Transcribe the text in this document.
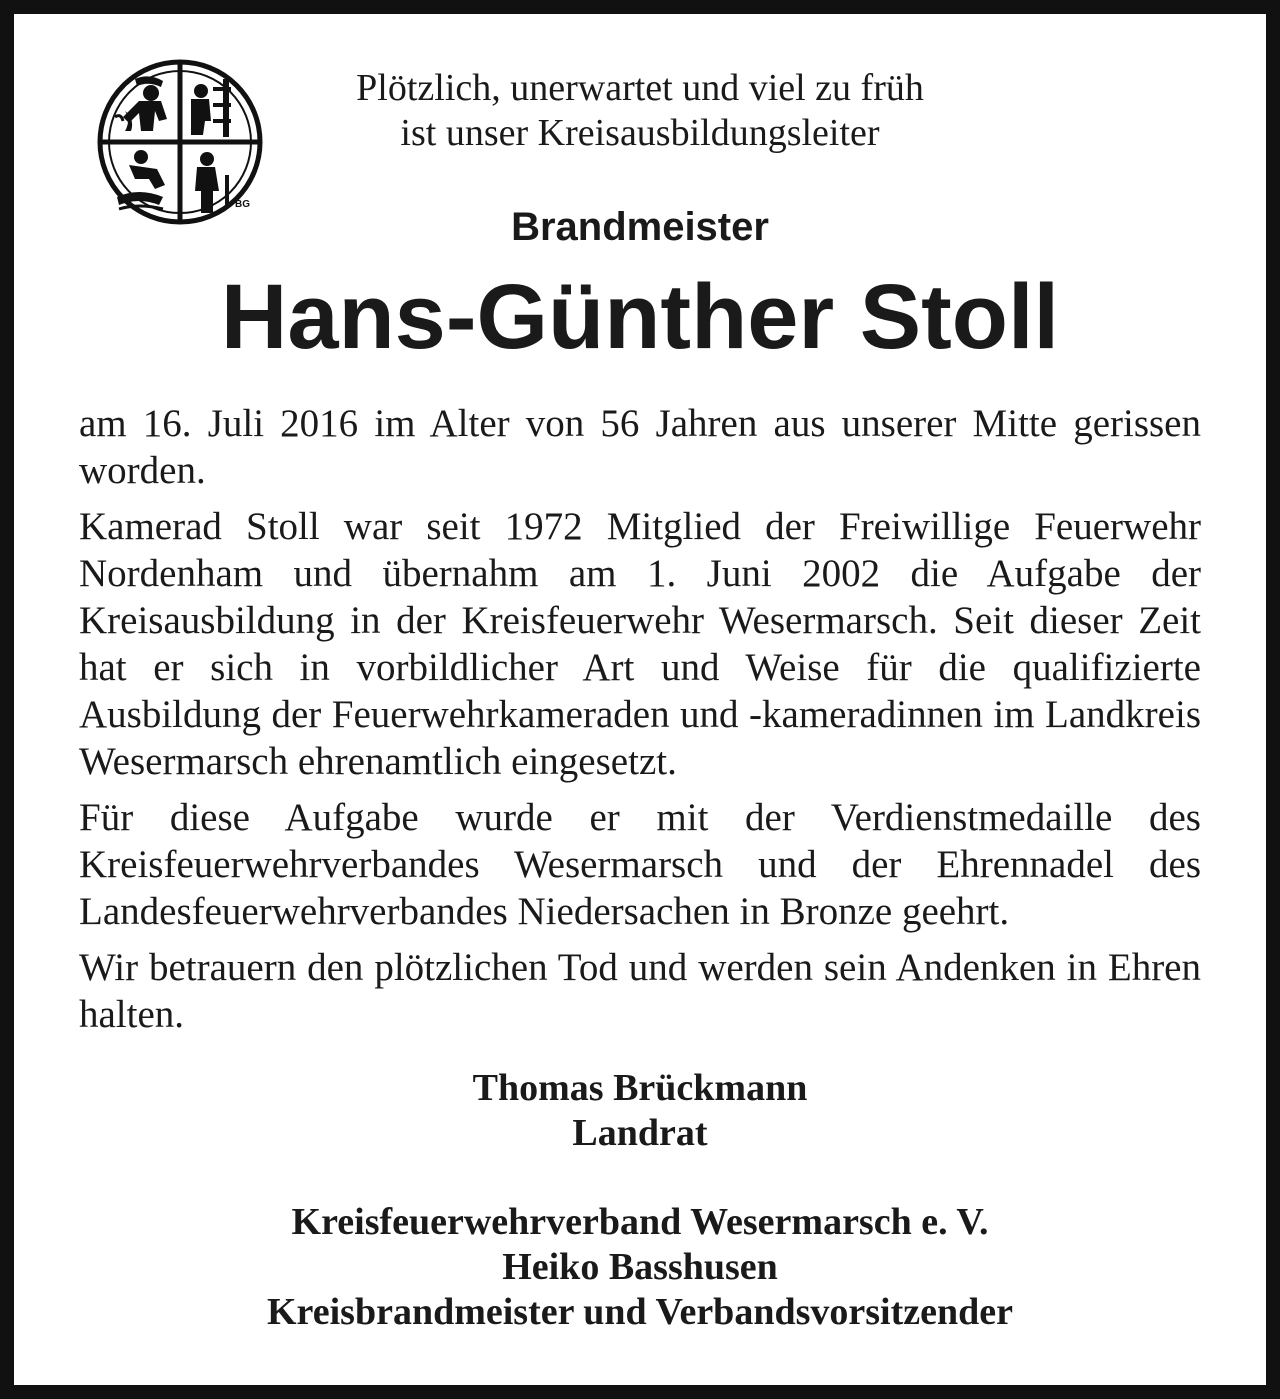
BG
Plötzlich, unerwartet und viel zu früh
ist unser Kreisausbildungsleiter
Brandmeister
Hans-Günther Stoll

am 16. Juli 2016 im Alter von 56 Jahren aus unserer Mitte gerissen worden.

Kamerad Stoll war seit 1972 Mitglied der Freiwillige Feuerwehr Nordenham und übernahm am 1. Juni 2002 die Aufgabe der Kreisausbildung in der Kreisfeuerwehr Wesermarsch. Seit dieser Zeit hat er sich in vorbildlicher Art und Weise für die qualifizierte Ausbildung der Feuerwehrkameraden und -kameradinnen im Landkreis Wesermarsch ehrenamtlich eingesetzt.

Für diese Aufgabe wurde er mit der Verdienstmedaille des Kreisfeuerwehrverbandes Wesermarsch und der Ehrennadel des Landesfeuerwehrverbandes Niedersachen in Bronze geehrt.

Wir betrauern den plötzlichen Tod und werden sein Andenken in Ehren halten.

Thomas Brückmann
Landrat
Kreisfeuerwehrverband Wesermarsch e. V.
Heiko Basshusen
Kreisbrandmeister und Verbandsvorsitzender
